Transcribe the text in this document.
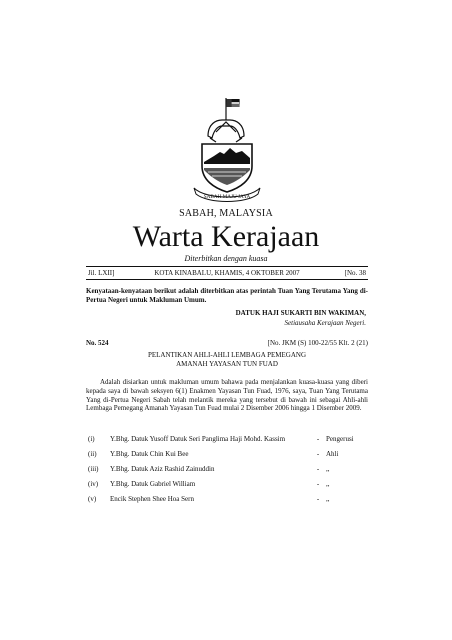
SABAH MAJU JAYA
SABAH, MALAYSIA
Warta Kerajaan
Diterbitkan dengan kuasa
Jil. LXII]	KOTA KINABALU, KHAMIS, 4 OKTOBER 2007	[No. 38
Kenyataan-kenyataan berikut adalah diterbitkan atas perintah Tuan Yang Terutama Yang di-Pertua Negeri untuk Makluman Umum.
DATUK HAJI SUKARTI BIN WAKIMAN,
Setiausaha Kerajaan Negeri.
No. 524	[No. JKM (S) 100-22/55 Klt. 2 (21)
PELANTIKAN AHLI-AHLI LEMBAGA PEMEGANG
AMANAH YAYASAN TUN FUAD
Adalah disiarkan untuk makluman umum bahawa pada menjalankan kuasa-kuasa yang diberi kepada saya di bawah seksyen 6(1) Enakmen Yayasan Tun Fuad, 1976, saya, Tuan Yang Terutama Yang di-Pertua Negeri Sabah telah melantik mereka yang tersebut di bawah ini sebagai Ahli-ahli Lembaga Pemegang Amanah Yayasan Tun Fuad mulai 2 Disember 2006 hingga 1 Disember 2009.
(i)	Y.Bhg. Datuk Yusoff Datuk Seri Panglima Haji Mohd. Kassim	- Pengerusi
(ii)	Y.Bhg. Datuk Chin Kui Bee	- Ahli
(iii)	Y.Bhg. Datuk Aziz Rashid Zainuddin	- ,,
(iv)	Y.Bhg. Datuk Gabriel William	- ,,
(v)	Encik Stephen Shee Hoa Sern	- ,,
